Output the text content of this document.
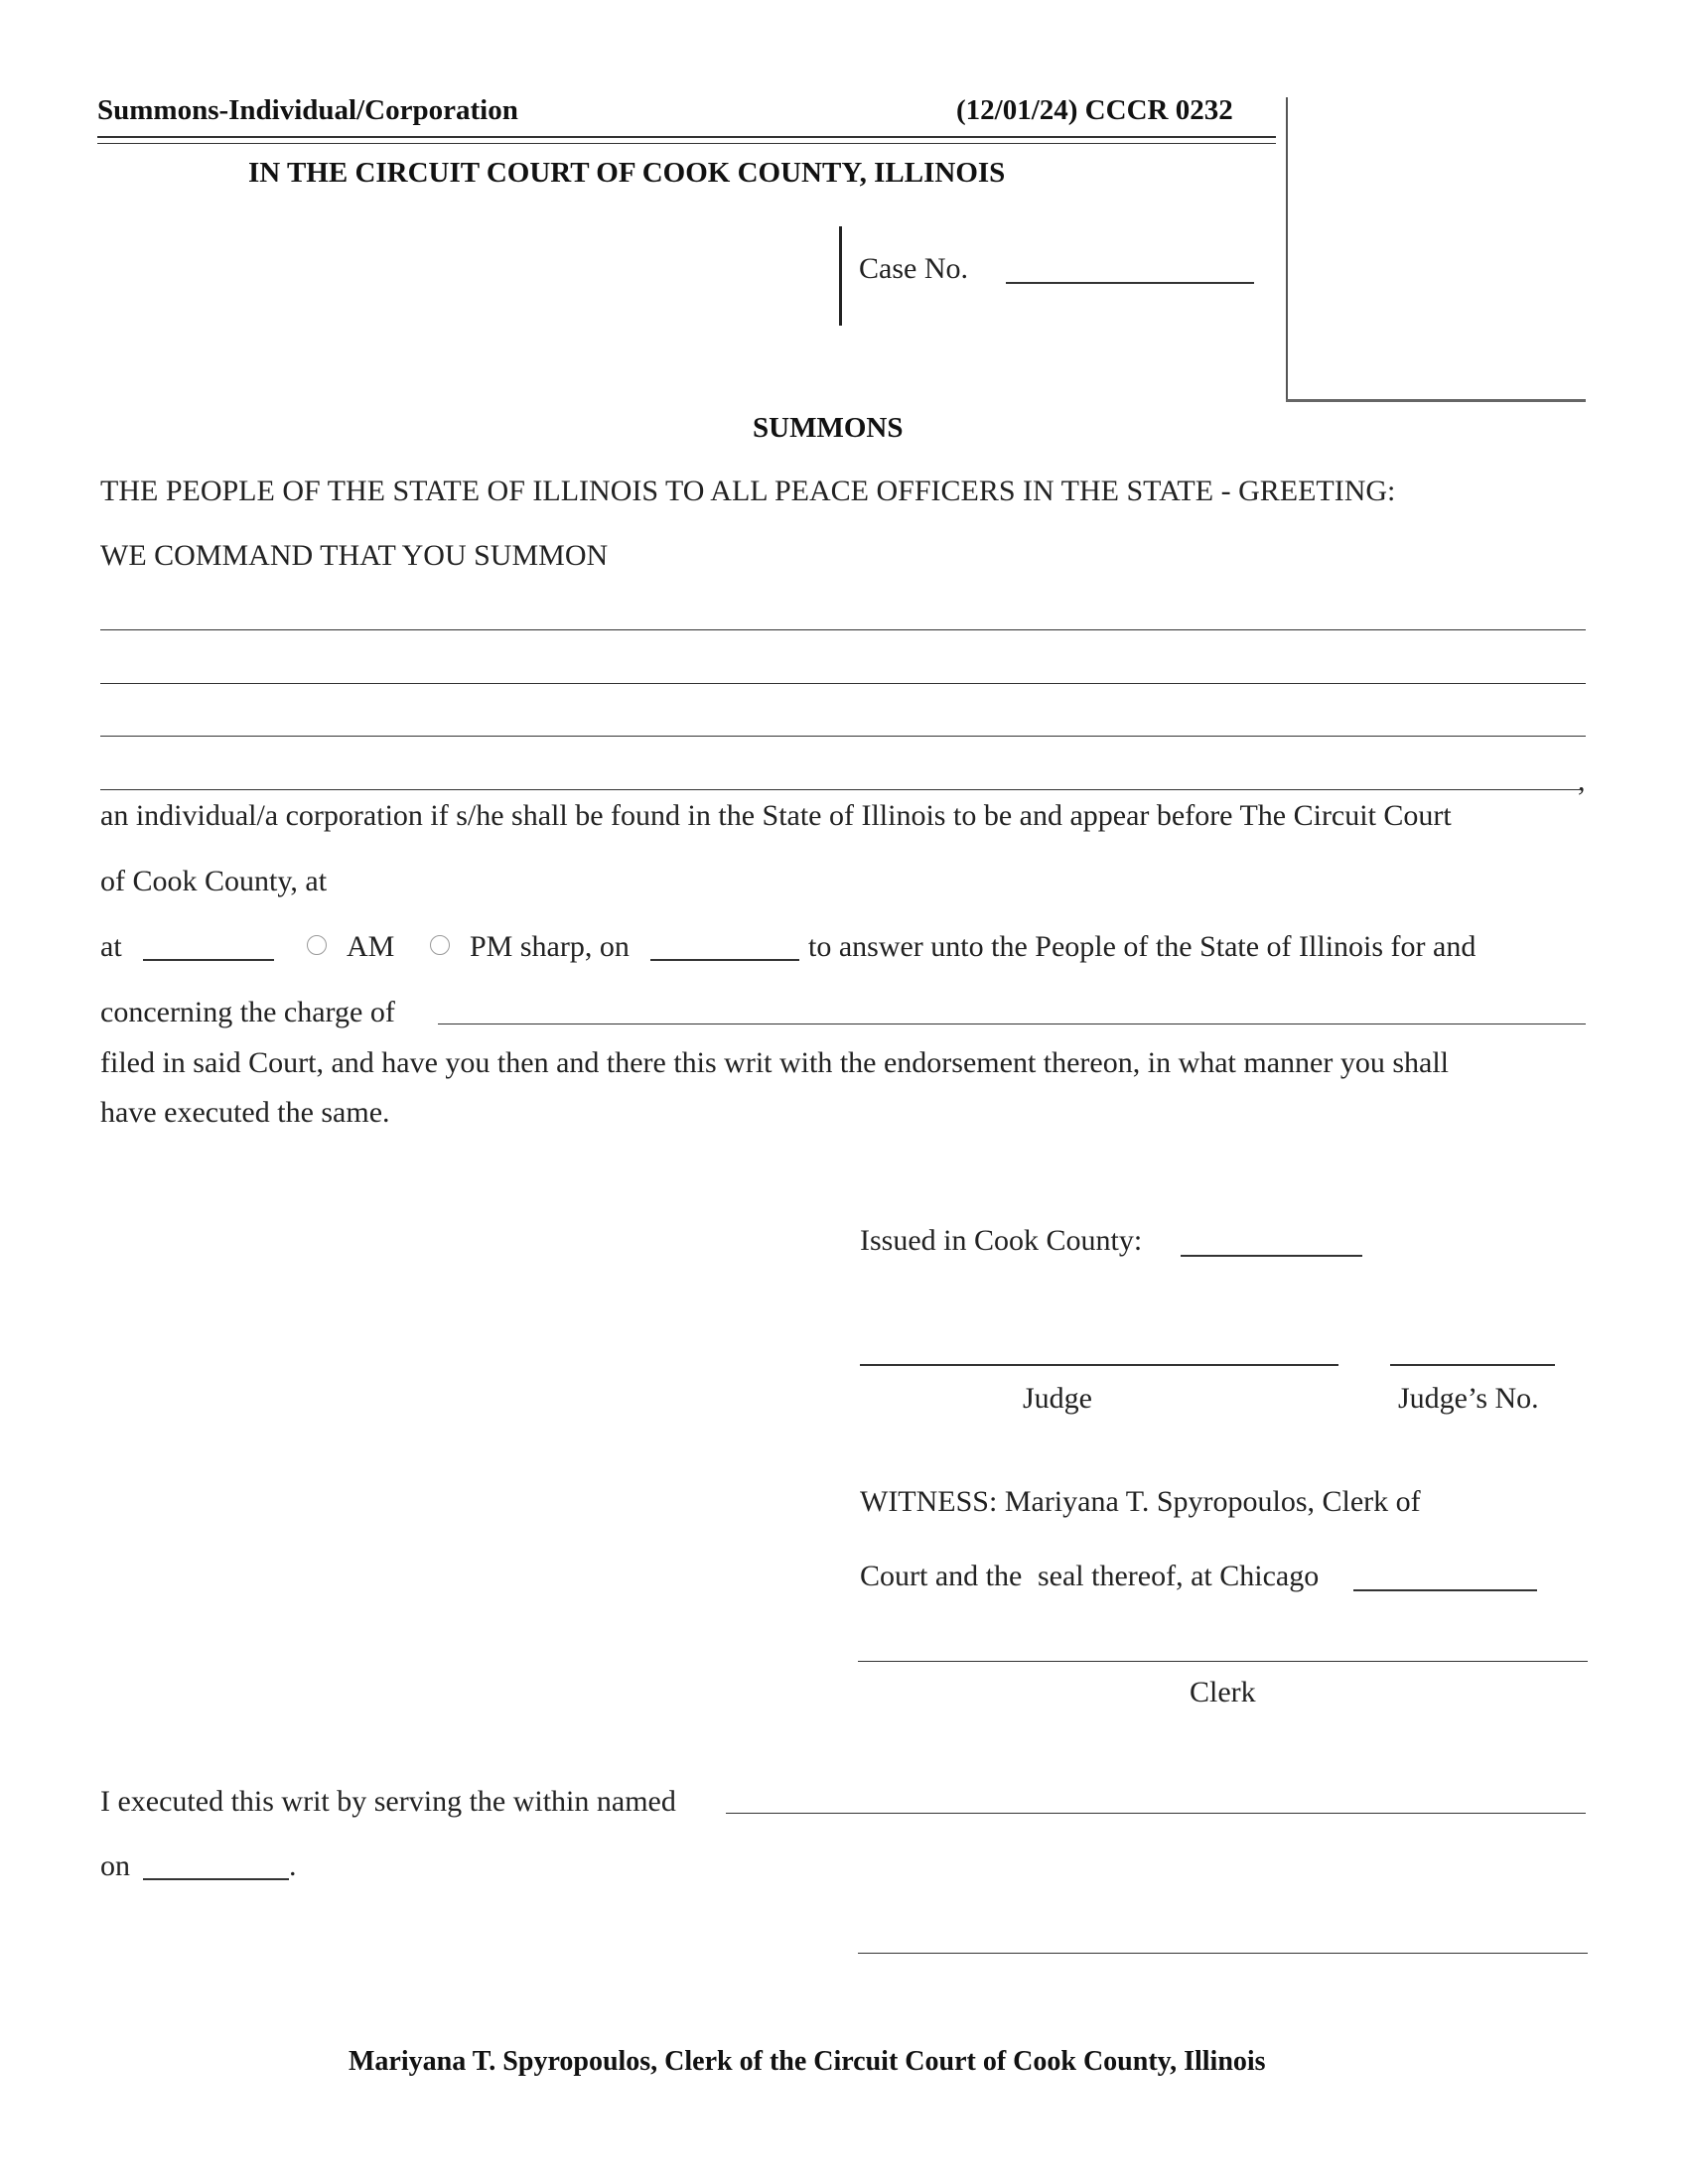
Summons-Individual/Corporation	(12/01/24) CCCR 0232
IN THE CIRCUIT COURT OF COOK COUNTY, ILLINOIS
Case No.
SUMMONS
THE PEOPLE OF THE STATE OF ILLINOIS TO ALL PEACE OFFICERS IN THE STATE - GREETING:
WE COMMAND THAT YOU SUMMON
,
an individual/a corporation if s/he shall be found in the State of Illinois to be and appear before The Circuit Court
of Cook County, at
at	AM	PM sharp, on	to answer unto the People of the State of Illinois for and
concerning the charge of
filed in said Court, and have you then and there this writ with the endorsement thereon, in what manner you shall
have executed the same.
Issued in Cook County:
Judge	Judge’s No.
WITNESS: Mariyana T. Spyropoulos, Clerk of
Court and the seal thereof, at Chicago
Clerk
I executed this writ by serving the within named
on	.
Mariyana T. Spyropoulos, Clerk of the Circuit Court of Cook County, Illinois
